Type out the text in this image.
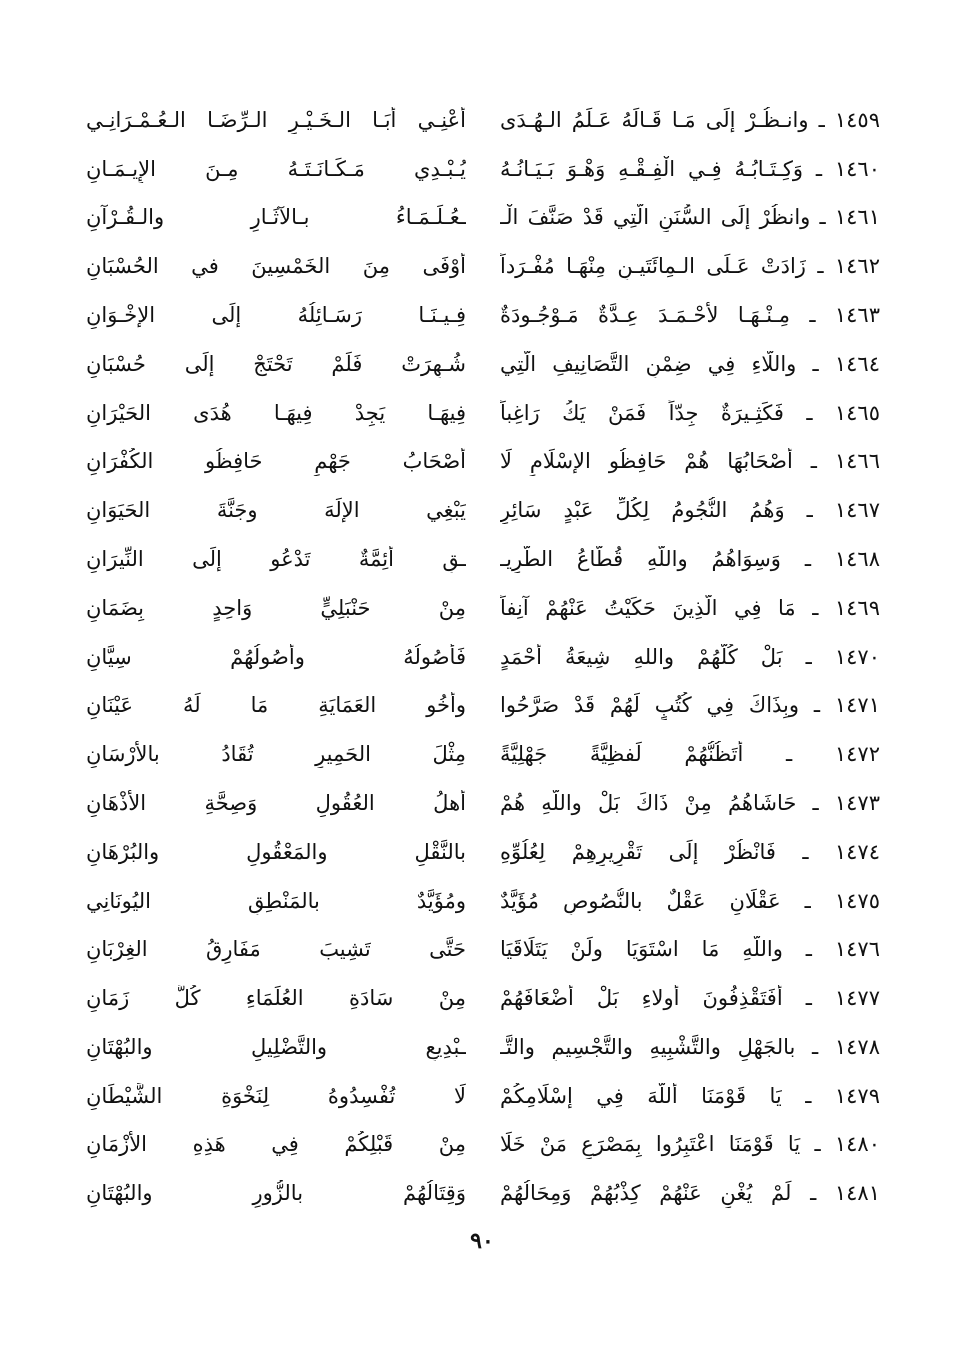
١٤٥٩ ـ وانـظُـرْ إلَى مَـا قَـالَهُ عَـلَمُ الـهُـدَى
أعْنِـي أبَـا الـخَـيْـرِ الـرِّضَـا الـعُـمْـرَانِـي
١٤٦٠ ـ وَكِـتَـابُـهُ فِـي الْفِـقْـهِ وَهْـوَ بَـيَـانُـهُ
يُـبْـدِي مَـكَـانَـتَـهُ مِـنَ الإِيـمَـانِ
١٤٦١ ـ وانظُرْ إلَى السُّنَنِ الَّتِي قَدْ صَنَّفَ الْـ
ـعُـلَـمَـاءُ بـالآثَـارِ والـقُـرْآنِ
١٤٦٢ ـ زَادَتْ عَـلَى الـمِائَتَيـنِ مِنْهَـا مُفْـرَداً
أوْفَى مِنَ الخَمْسِينَ في الحُسْبَانِ
١٤٦٣ ـ مِـنْـهَـا لأحْـمَـدَ عِـدَّةٌ مَـوْجُـودَةٌ
فِـيـنَـا رَسَـائِلُهُ إلَى الإخْـوَانِ
١٤٦٤ ـ واللَّاءِ فِي ضِمْنِ التَّصَانِيفِ الَّتِي
شُـهِرَتْ فَلَمْ تَحْتَجْ إلَى حُسْبَانِ
١٤٦٥ ـ فَكَثِـيرَةٌ جِدّاً فَمَنْ يَكُ رَاغِباً
فِيهَـا يَجِدْ فِيهَـا هُدَى الحَيْرَانِ
١٤٦٦ ـ أصْحَابُهَا هُمْ حَافِظُو الإسْلَامِ لَا
أصْحَابُ جَهْمٍ حَافِظُو الكُفْرَانِ
١٤٦٧ ـ وَهُمُ النُّجُومُ لِكُلِّ عَبْدٍ سَائِرٍ
يَبْغِي الإلَهَ وجَنَّةَ الحَيَوَانِ
١٤٦٨ ـ وَسِوَاهُمُ واللَّهِ قُطَّاعُ الطَّرِيـ
ـقِ أئِمَّةٌ تَدْعُو إلَى النِّيرَانِ
١٤٦٩ ـ مَا فِي الَّذِينَ حَكَيْتُ عَنْهُمْ آنِفاً
مِنْ حَنْبَلِيٍّ وَاحِدٍ بِضَمَانِ
١٤٧٠ ـ بَلْ كُلُّهُمْ واللهِ شِيعَةُ أحْمَدٍ
فَأصُولُهُ وأصُولُهُمْ سِيَّانِ
١٤٧١ ـ وبِذَاكَ فِي كُتُبٍ لَهُمْ قَدْ صَرَّحُوا
وأخُو العَمَايَةِ مَا لَهُ عَيْنَانِ
١٤٧٢ ـ أتَظُنُّهُمْ لَفظِيَّةً جَهْلِيَّةً
مِثْلَ الحَمِيرِ تُقَادُ بالأرْسَانِ
١٤٧٣ ـ حَاشَاهُمُ مِنْ ذَاكَ بَلْ واللَّهِ هُمْ
أهلُ العُقُولِ وَصِحَّةِ الأذْهَانِ
١٤٧٤ ـ فَانْظُرْ إلَى تَقْرِيرِهِمْ لِعُلُوِّهِ
بالنَّقْلِ والمَعْقُولِ والبُرْهَانِ
١٤٧٥ ـ عَقْلَانِ عَقْلٌ بالنُّصُوصِ مُؤَيَّدٌ
ومُؤَيَّدٌ بالمَنْطِقِ اليُونَانِي
١٤٧٦ ـ واللَّهِ مَا اسْتَوَيَا ولَنْ يَتَلَاقَيَا
حَتَّى تَشِيبَ مَفَارِقُ الغِرْبَانِ
١٤٧٧ ـ أفَتَقْذِفُونَ أولاءِ بَلْ أضْعَافَهُمْ
مِنْ سَادَةِ العُلَمَاءِ كُلَّ زَمَانِ
١٤٧٨ ـ بالجَهْلِ والتَّشْبِيهِ والتَّجْسِيمِ والتَّـ
ـبْدِيعِ والتَّضْلِيلِ والبُهْتَانِ
١٤٧٩ ـ يَا قَوْمَنَا أللَّهَ فِي إسْلَامِكُمْ
لَا تُفْسِدُوهُ لِنَخْوَةِ الشَّيْطَانِ
١٤٨٠ ـ يَا قَوْمَنَا اعْتَبِرُوا بِمَصْرَعِ مَنْ خَلَا
مِنْ قَبْلِكُمْ فِي هَذِهِ الأزْمَانِ
١٤٨١ ـ لَمْ يُغْنِ عَنْهُمْ كِذْبُهُمْ وَمِحَالُهُمْ
وَقِتَالُهُمْ بالزُّورِ والبُهْتَانِ
٩٠
